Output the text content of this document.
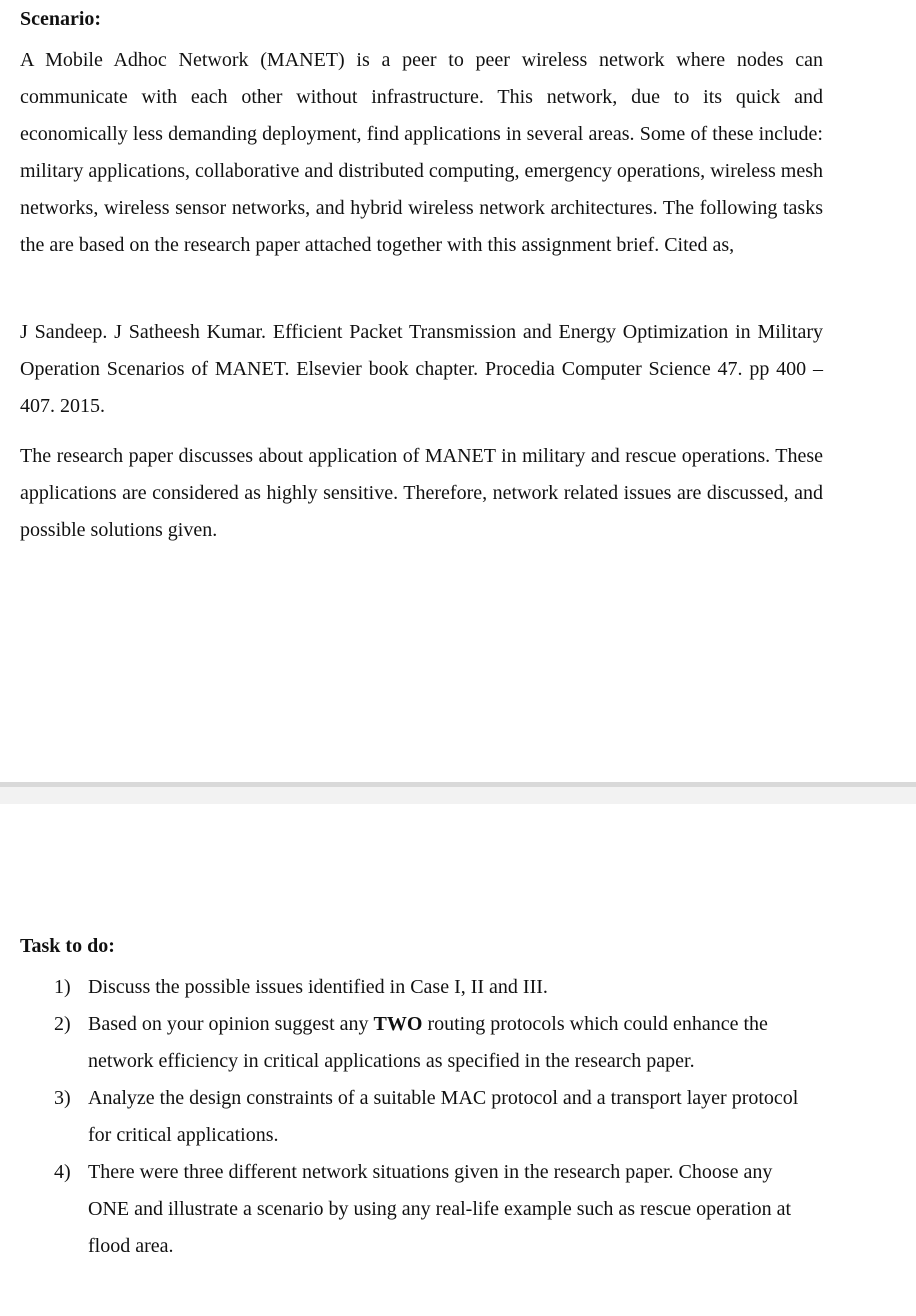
Scenario:

A Mobile Adhoc Network (MANET) is a peer to peer wireless network where nodes can communicate with each other without infrastructure. This network, due to its quick and economically less demanding deployment, find applications in several areas. Some of these include: military applications, collaborative and distributed computing, emergency operations, wireless mesh networks, wireless sensor networks, and hybrid wireless network architectures. The following tasks the are based on the research paper attached together with this assignment brief. Cited as,

J Sandeep. J Satheesh Kumar. Efficient Packet Transmission and Energy Optimization in Military Operation Scenarios of MANET. Elsevier book chapter. Procedia Computer Science 47. pp 400 – 407. 2015.

The research paper discusses about application of MANET in military and rescue operations. These applications are considered as highly sensitive. Therefore, network related issues are discussed, and possible solutions given.

Task to do:
1) Discuss the possible issues identified in Case I, II and III.
2) Based on your opinion suggest any TWO routing protocols which could enhance the network efficiency in critical applications as specified in the research paper.
3) Analyze the design constraints of a suitable MAC protocol and a transport layer protocol for critical applications.
4) There were three different network situations given in the research paper. Choose any ONE and illustrate a scenario by using any real-life example such as rescue operation at flood area.
